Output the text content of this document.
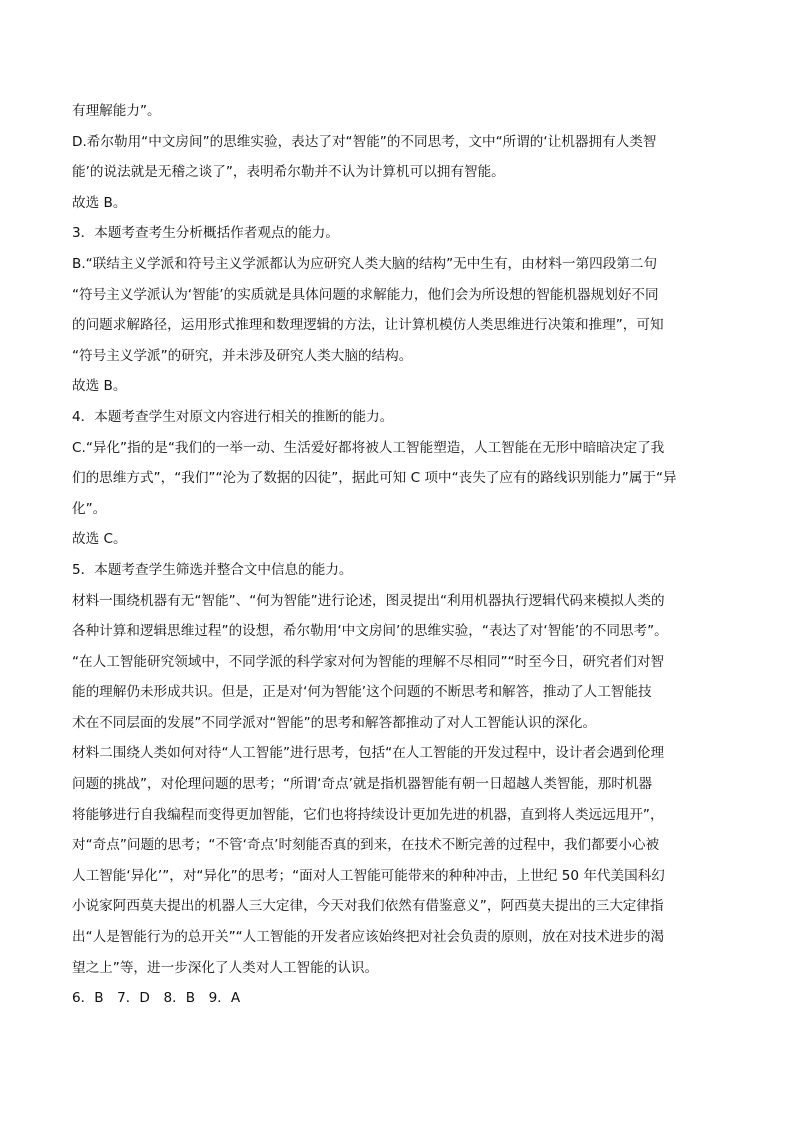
有理解能力”。
D.希尔勒用“中文房间”的思维实验，表达了对“智能”的不同思考，文中“所谓的‘让机器拥有人类智
能’的说法就是无稽之谈了”，表明希尔勒并不认为计算机可以拥有智能。
故选 B。
3．本题考查考生分析概括作者观点的能力。
B.“联结主义学派和符号主义学派都认为应研究人类大脑的结构”无中生有，由材料一第四段第二句
“符号主义学派认为‘智能’的实质就是具体问题的求解能力，他们会为所设想的智能机器规划好不同
的问题求解路径，运用形式推理和数理逻辑的方法，让计算机模仿人类思维进行决策和推理”，可知
“符号主义学派”的研究，并未涉及研究人类大脑的结构。
故选 B。
4．本题考查学生对原文内容进行相关的推断的能力。
C.“异化”指的是“我们的一举一动、生活爱好都将被人工智能塑造，人工智能在无形中暗暗决定了我
们的思维方式”，“我们”“沦为了数据的囚徒”，据此可知 C 项中“丧失了应有的路线识别能力”属于“异
化”。
故选 C。
5．本题考查学生筛选并整合文中信息的能力。
材料一围绕机器有无“智能”、“何为智能”进行论述，图灵提出“利用机器执行逻辑代码来模拟人类的
各种计算和逻辑思维过程”的设想，希尔勒用‘中文房间’的思维实验，“表达了对‘智能’的不同思考”。
“在人工智能研究领域中，不同学派的科学家对何为智能的理解不尽相同”“时至今日，研究者们对智
能的理解仍未形成共识。但是，正是对‘何为智能’这个问题的不断思考和解答，推动了人工智能技
术在不同层面的发展”不同学派对“智能”的思考和解答都推动了对人工智能认识的深化。
材料二围绕人类如何对待“人工智能”进行思考，包括“在人工智能的开发过程中，设计者会遇到伦理
问题的挑战”，对伦理问题的思考；“所谓‘奇点’就是指机器智能有朝一日超越人类智能，那时机器
将能够进行自我编程而变得更加智能，它们也将持续设计更加先进的机器，直到将人类远远甩开”，
对“奇点”问题的思考；“不管‘奇点’时刻能否真的到来，在技术不断完善的过程中，我们都要小心被
人工智能‘异化’”，对“异化”的思考；“面对人工智能可能带来的种种冲击，上世纪 50 年代美国科幻
小说家阿西莫夫提出的机器人三大定律，今天对我们依然有借鉴意义”，阿西莫夫提出的三大定律指
出“人是智能行为的总开关”“人工智能的开发者应该始终把对社会负责的原则，放在对技术进步的渴
望之上”等，进一步深化了人类对人工智能的认识。
6．B　7．D　8．B　9．A
